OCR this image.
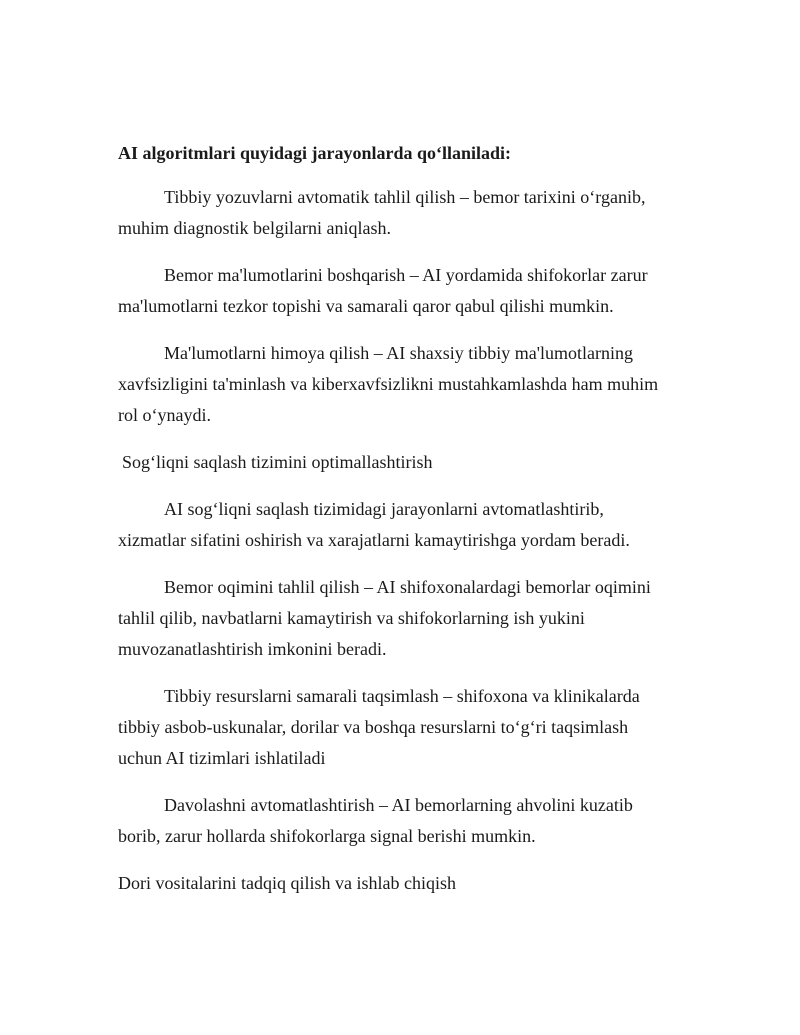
AI algoritmlari quyidagi jarayonlarda qo‘llaniladi:

Tibbiy yozuvlarni avtomatik tahlil qilish – bemor tarixini o‘rganib, muhim diagnostik belgilarni aniqlash.

Bemor ma'lumotlarini boshqarish – AI yordamida shifokorlar zarur ma'lumotlarni tezkor topishi va samarali qaror qabul qilishi mumkin.

Ma'lumotlarni himoya qilish – AI shaxsiy tibbiy ma'lumotlarning xavfsizligini ta'minlash va kiberxavfsizlikni mustahkamlashda ham muhim rol o‘ynaydi.

Sog‘liqni saqlash tizimini optimallashtirish

AI sog‘liqni saqlash tizimidagi jarayonlarni avtomatlashtirib, xizmatlar sifatini oshirish va xarajatlarni kamaytirishga yordam beradi.

Bemor oqimini tahlil qilish – AI shifoxonalardagi bemorlar oqimini tahlil qilib, navbatlarni kamaytirish va shifokorlarning ish yukini muvozanatlashtirish imkonini beradi.

Tibbiy resurslarni samarali taqsimlash – shifoxona va klinikalarda tibbiy asbob-uskunalar, dorilar va boshqa resurslarni to‘g‘ri taqsimlash uchun AI tizimlari ishlatiladi

Davolashni avtomatlashtirish – AI bemorlarning ahvolini kuzatib borib, zarur hollarda shifokorlarga signal berishi mumkin.

Dori vositalarini tadqiq qilish va ishlab chiqish
